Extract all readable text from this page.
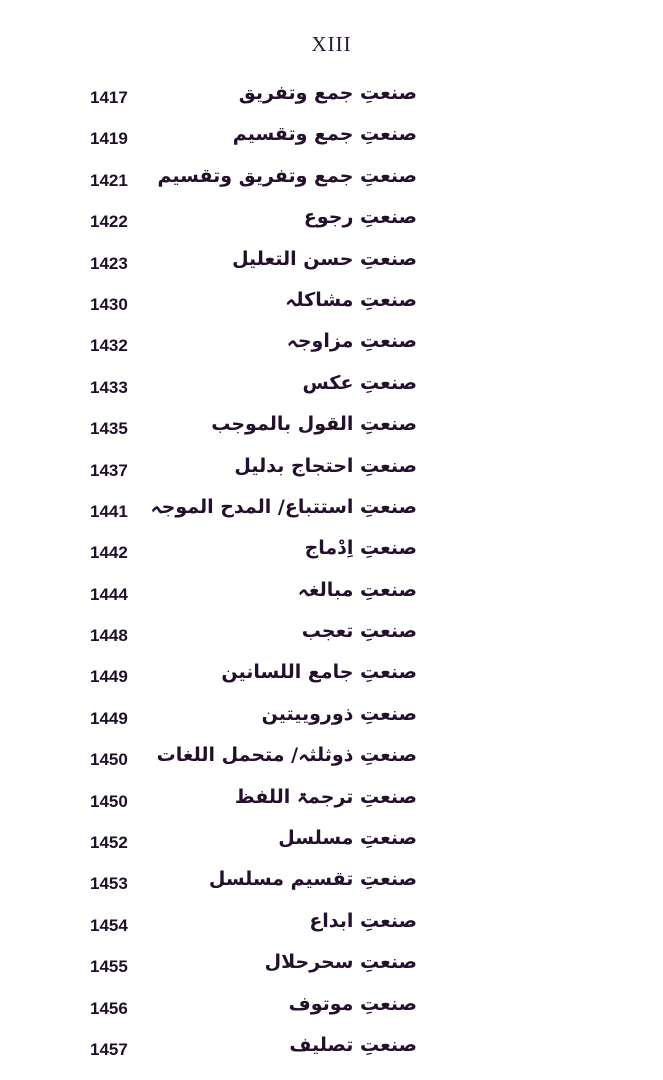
XIII
صنعتِ جمع وتفریق
1417
صنعتِ جمع وتقسیم
1419
صنعتِ جمع وتفریق وتقسیم
1421
صنعتِ رجوع
1422
صنعتِ حسن التعلیل
1423
صنعتِ مشاکلہ
1430
صنعتِ مزاوجہ
1432
صنعتِ عکس
1433
صنعتِ القول بالموجب
1435
صنعتِ احتجاج بدلیل
1437
صنعتِ استتباع/ المدح الموجہ
1441
صنعتِ اِدْماج
1442
صنعتِ مبالغہ
1444
صنعتِ تعجب
1448
صنعتِ جامع اللسانین
1449
صنعتِ ذوروییتین
1449
صنعتِ ذوثلثہ/ متحمل اللغات
1450
صنعتِ ترجمۃ اللفظ
1450
صنعتِ مسلسل
1452
صنعتِ تقسیم مسلسل
1453
صنعتِ ابداع
1454
صنعتِ سحرحلال
1455
صنعتِ موتوف
1456
صنعتِ تصلیف
1457
